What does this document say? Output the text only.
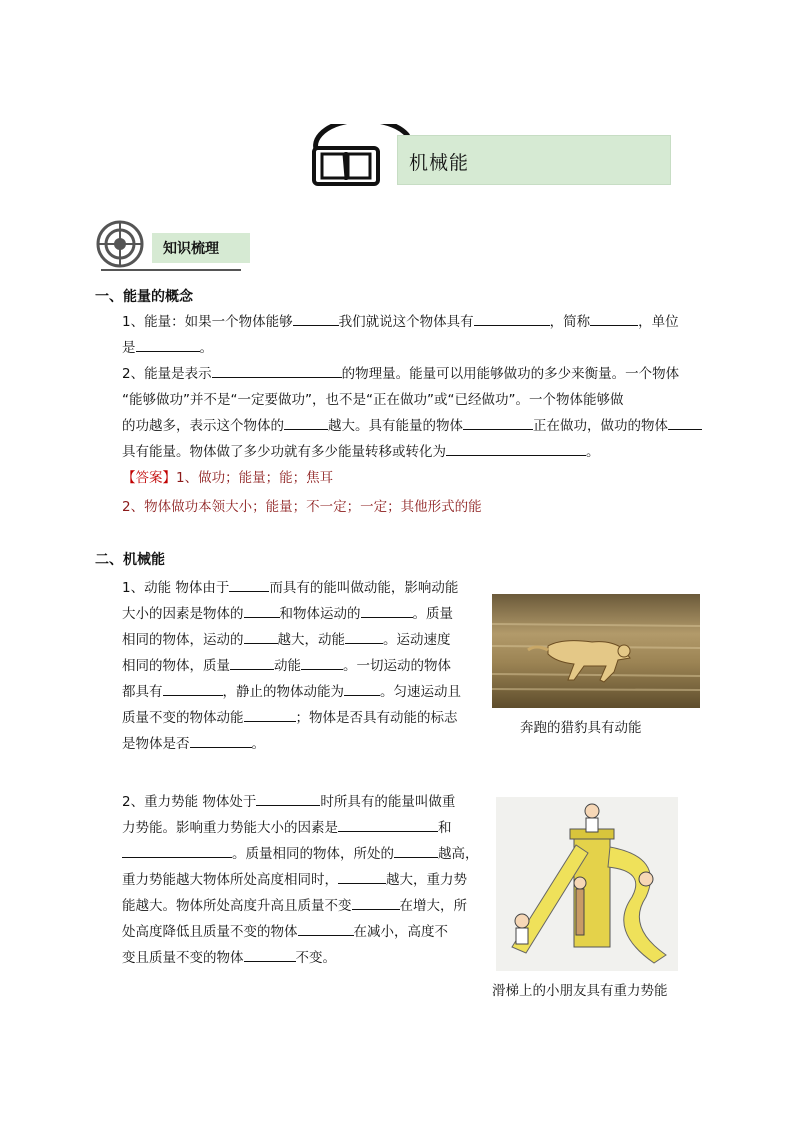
机械能
知识梳理
一、能量的概念
1、能量：如果一个物体能够	我们就说这个物体具有	，简称	，单位
是	。
2、能量是表示	的物理量。能量可以用能够做功的多少来衡量。一个物体
“能够做功”并不是“一定要做功”，也不是“正在做功”或“已经做功”。一个物体能够做
的功越多，表示这个物体的	越大。具有能量的物体	正在做功，做功的物体
具有能量。物体做了多少功就有多少能量转移或转化为	。
【答案】1、做功；能量；能；焦耳
2、物体做功本领大小；能量；不一定；一定；其他形式的能
二、机械能
1、动能 物体由于	而具有的能叫做动能，影响动能
大小的因素是物体的	和物体运动的	。质量
相同的物体，运动的	越大，动能	。运动速度
相同的物体，质量	动能	。一切运动的物体
都具有	，静止的物体动能为	。匀速运动且
质量不变的物体动能	；物体是否具有动能的标志
是物体是否	。
奔跑的猎豹具有动能
2、重力势能 物体处于	时所具有的能量叫做重
力势能。影响重力势能大小的因素是	和
。质量相同的物体，所处的	越高，
重力势能越大物体所处高度相同时，	越大，重力势
能越大。物体所处高度升高且质量不变	在增大，所
处高度降低且质量不变的物体	在减小，高度不
变且质量不变的物体	不变。
滑梯上的小朋友具有重力势能
